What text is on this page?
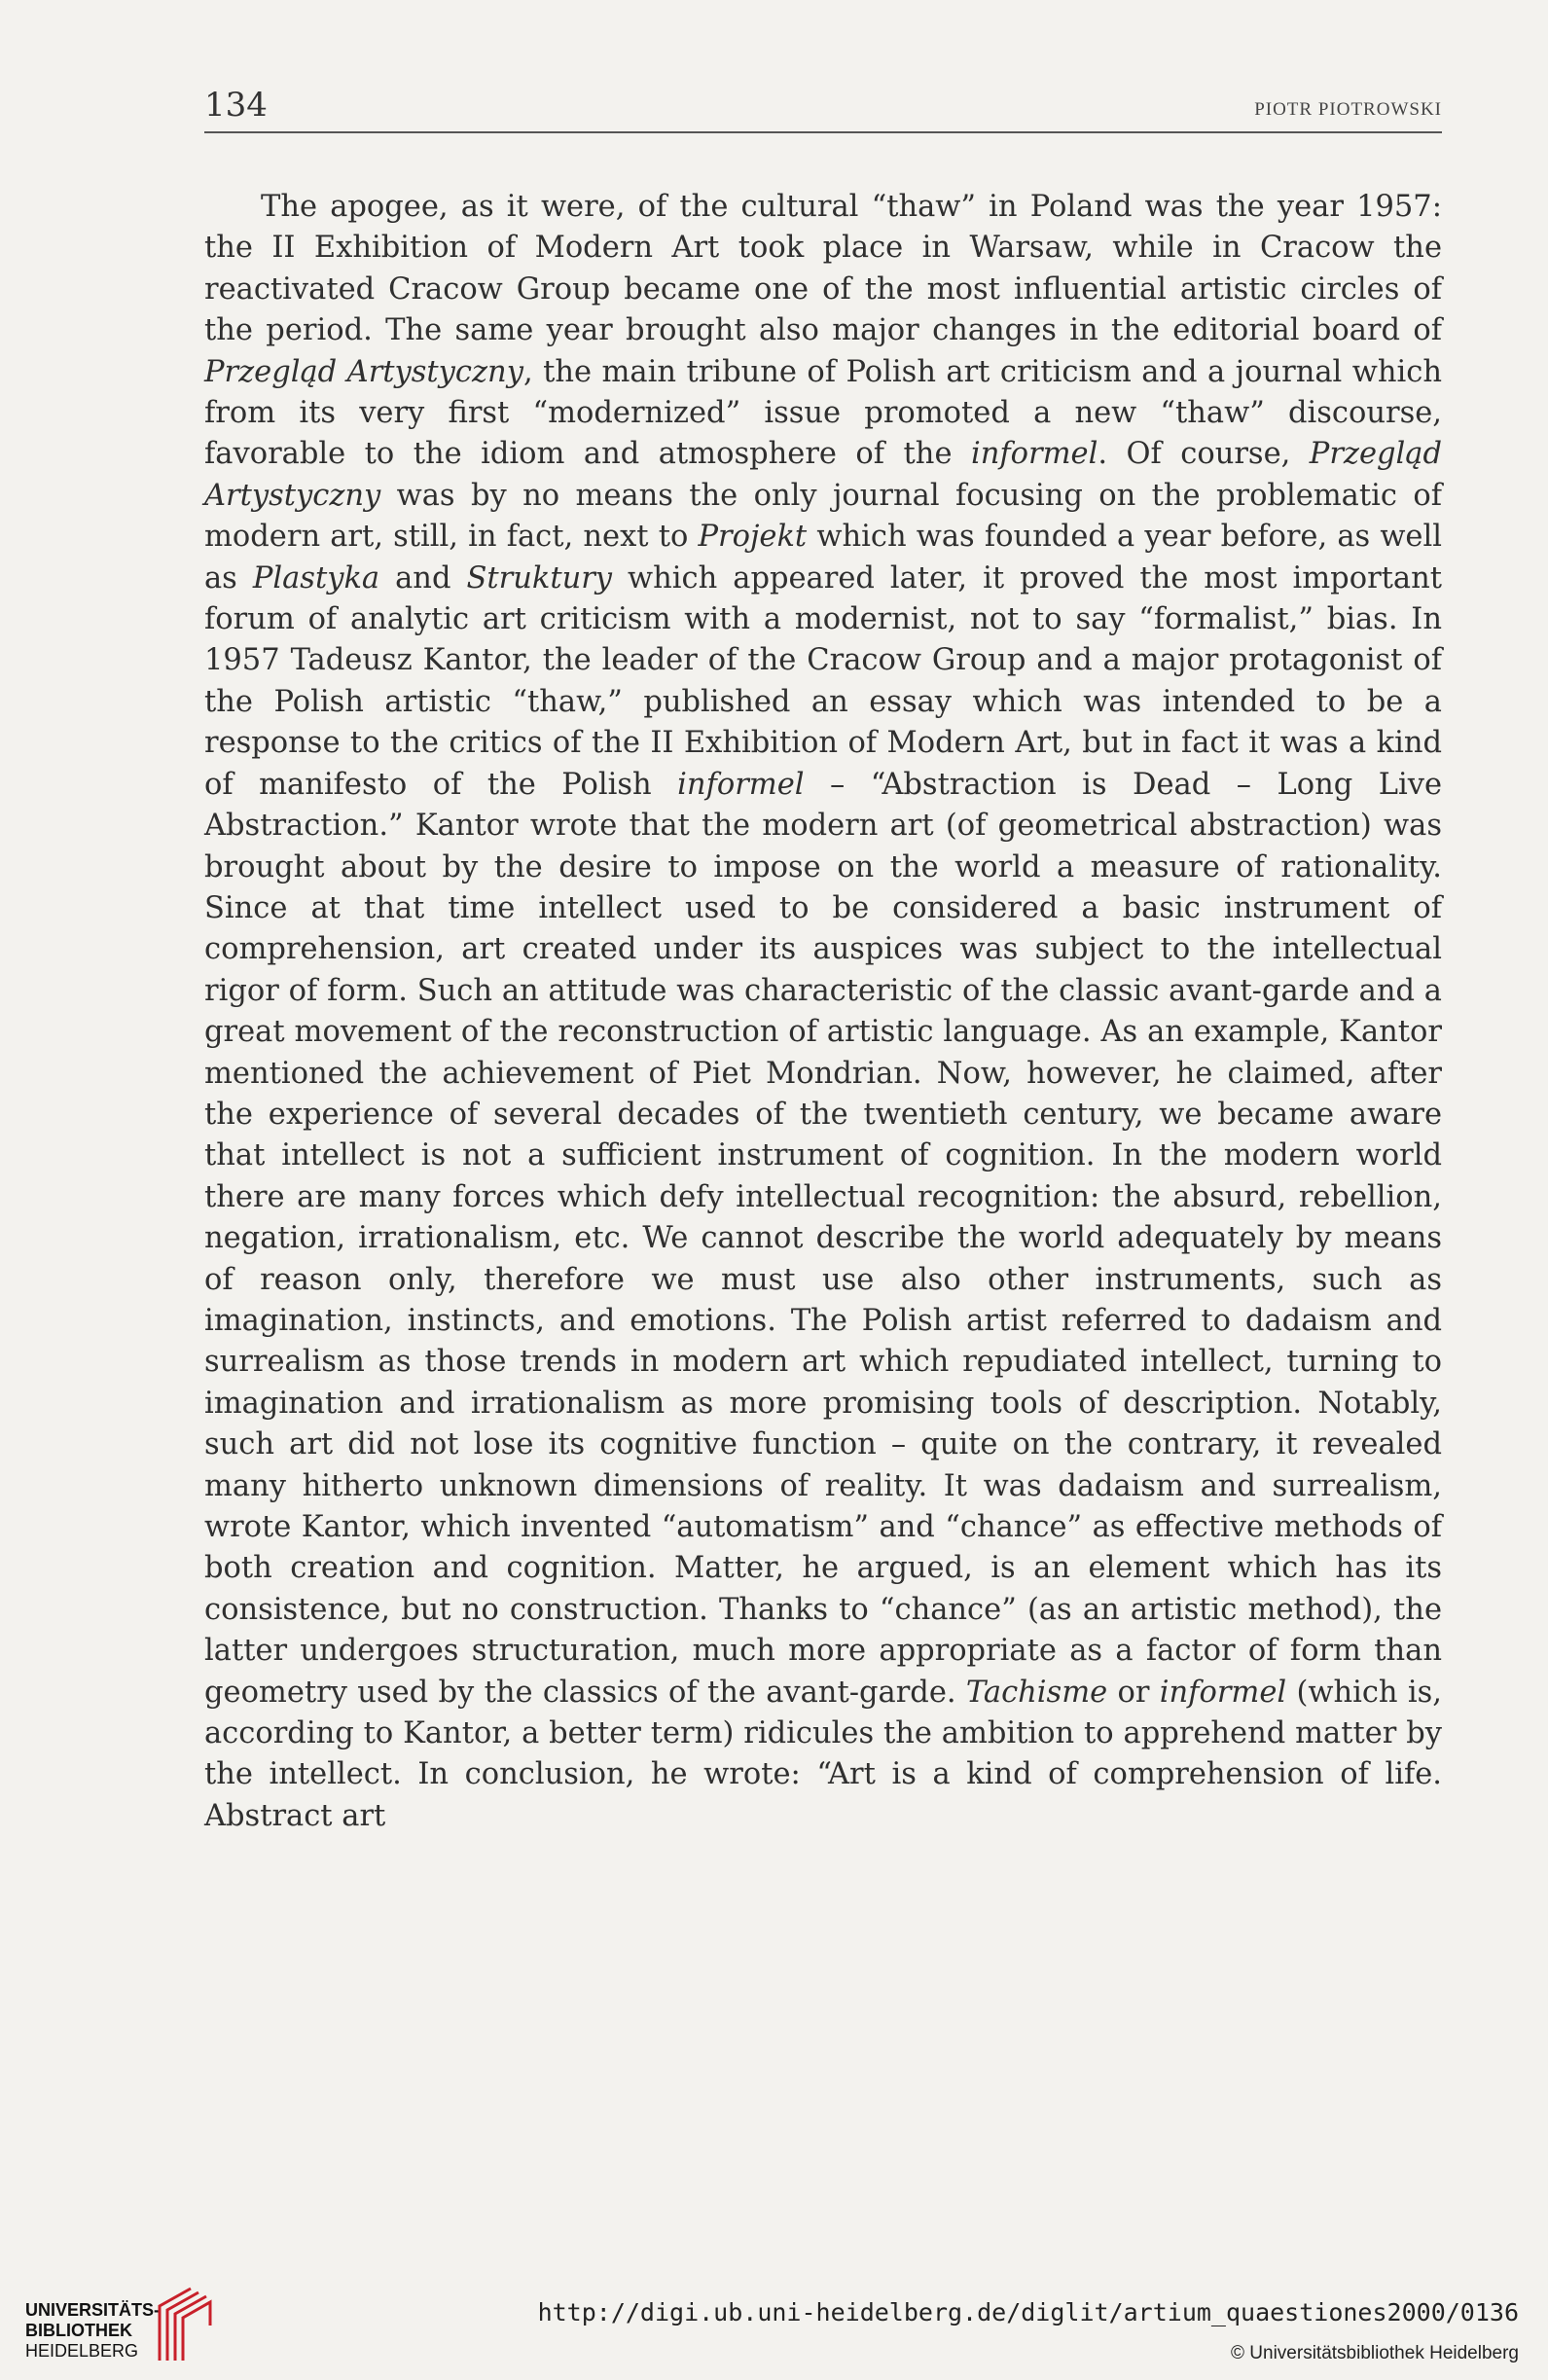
134	PIOTR PIOTROWSKI
The apogee, as it were, of the cultural “thaw” in Poland was the year 1957: the II Exhibition of Modern Art took place in Warsaw, while in Cracow the reactivated Cracow Group became one of the most influential artistic circles of the period. The same year brought also major changes in the editorial board of Przegląd Artystyczny, the main tribune of Polish art criticism and a journal which from its very first “modernized” issue promoted a new “thaw” discourse, favorable to the idiom and atmosphere of the informel. Of course, Przegląd Artystyczny was by no means the only journal focusing on the problematic of modern art, still, in fact, next to Projekt which was founded a year before, as well as Plastyka and Struktury which appeared later, it proved the most important forum of analytic art criticism with a modernist, not to say “formalist,” bias. In 1957 Tadeusz Kantor, the leader of the Cracow Group and a major protagonist of the Polish artistic “thaw,” published an essay which was intended to be a response to the critics of the II Exhibition of Modern Art, but in fact it was a kind of manifesto of the Polish informel – “Abstraction is Dead – Long Live Abstraction.” Kantor wrote that the modern art (of geometrical abstraction) was brought about by the desire to impose on the world a measure of rationality. Since at that time intellect used to be considered a basic instrument of comprehension, art created under its auspices was subject to the intellectual rigor of form. Such an attitude was characteristic of the classic avant-garde and a great movement of the reconstruction of artistic language. As an example, Kantor mentioned the achievement of Piet Mondrian. Now, however, he claimed, after the experience of several decades of the twentieth century, we became aware that intellect is not a sufficient instrument of cognition. In the modern world there are many forces which defy intellectual recognition: the absurd, rebellion, negation, irrationalism, etc. We cannot describe the world adequately by means of reason only, therefore we must use also other instruments, such as imagination, instincts, and emotions. The Polish artist referred to dadaism and surrealism as those trends in modern art which repudiated intellect, turning to imagination and irrationalism as more promising tools of description. Notably, such art did not lose its cognitive function – quite on the contrary, it revealed many hitherto unknown dimensions of reality. It was dadaism and surrealism, wrote Kantor, which invented “automatism” and “chance” as effective methods of both creation and cognition. Matter, he argued, is an element which has its consistence, but no construction. Thanks to “chance” (as an artistic method), the latter undergoes structuration, much more appropriate as a factor of form than geometry used by the classics of the avant-garde. Tachisme or informel (which is, according to Kantor, a better term) ridicules the ambition to apprehend matter by the intellect. In conclusion, he wrote: “Art is a kind of comprehension of life. Abstract art
UNIVERSITÄTS-
BIBLIOTHEK
HEIDELBERG
http://digi.ub.uni-heidelberg.de/diglit/artium_quaestiones2000/0136
© Universitätsbibliothek Heidelberg
